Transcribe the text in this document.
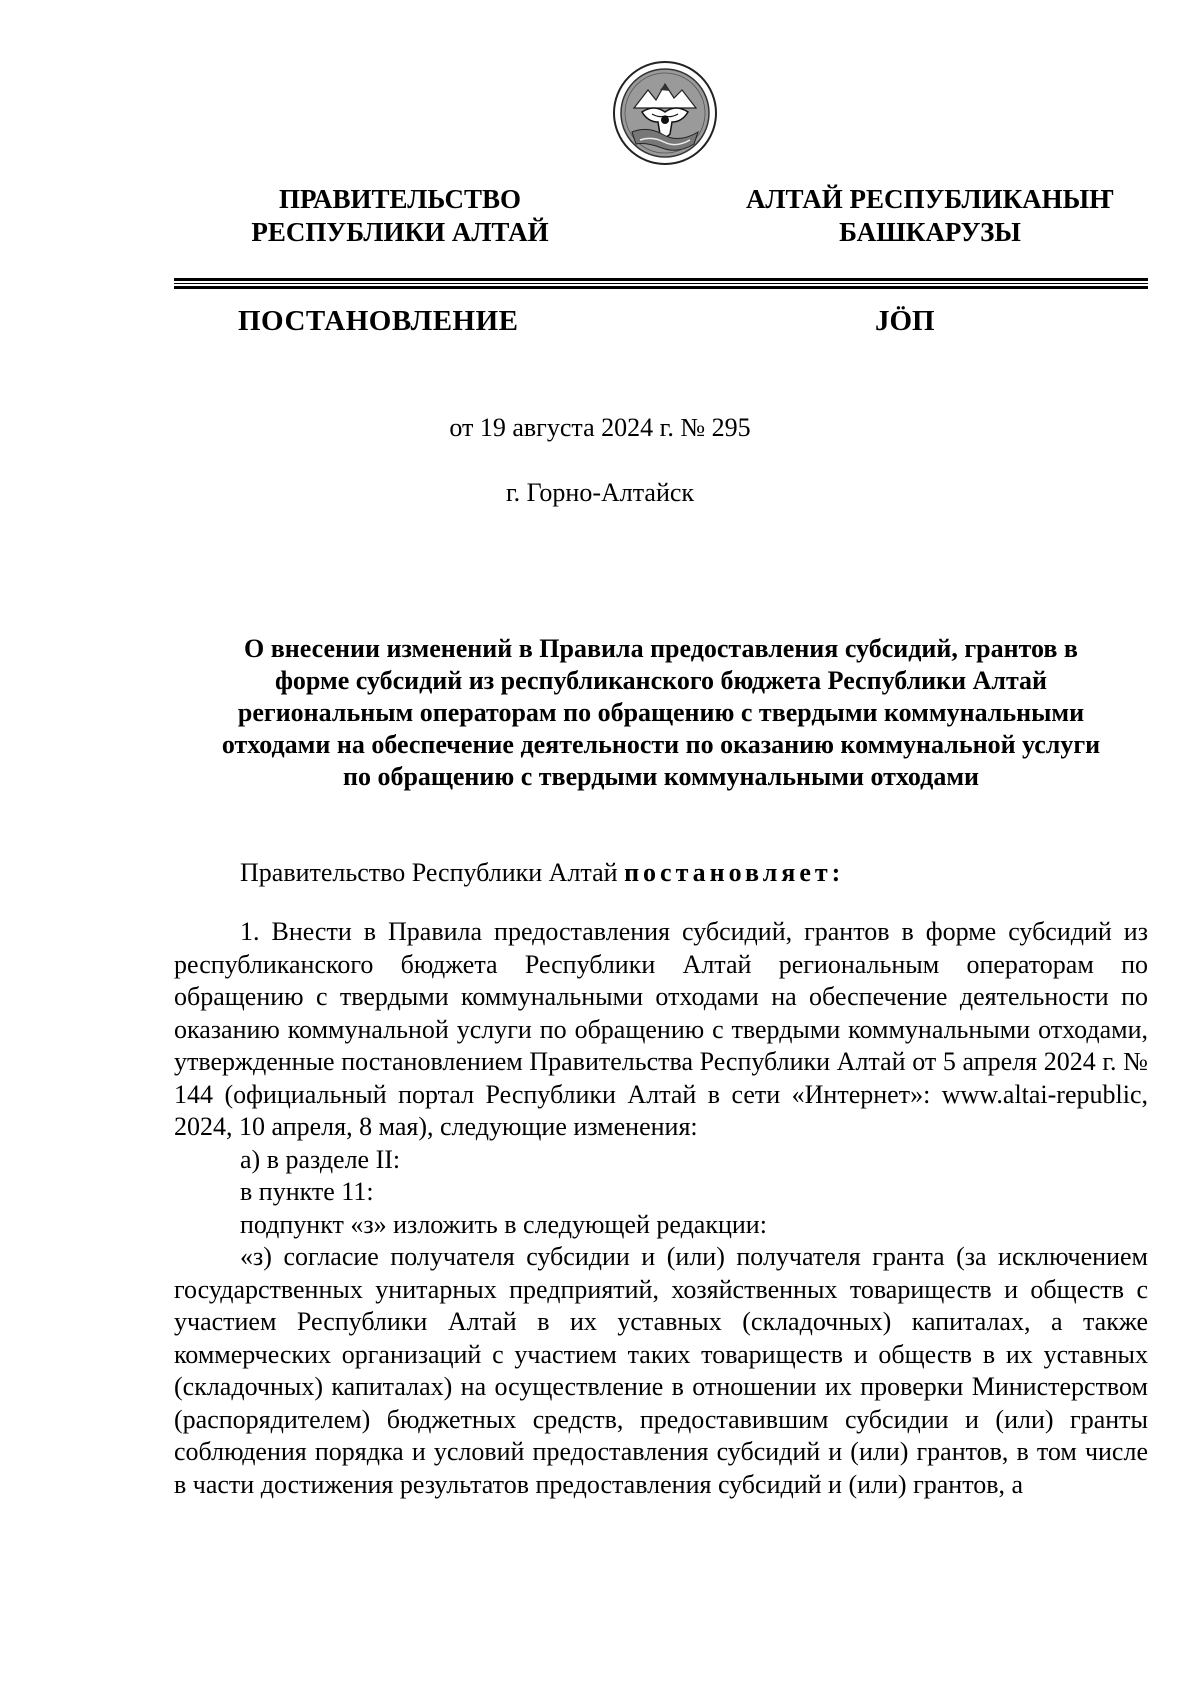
ПРАВИТЕЛЬСТВО
РЕСПУБЛИКИ АЛТАЙ
АЛТАЙ РЕСПУБЛИКАНЫҤ
БАШКАРУЗЫ
ПОСТАНОВЛЕНИЕ	JӦП
от 19 августа 2024 г. № 295
г. Горно-Алтайск
О внесении изменений в Правила предоставления субсидий, грантов в
форме субсидий из республиканского бюджета Республики Алтай
региональным операторам по обращению с твердыми коммунальными
отходами на обеспечение деятельности по оказанию коммунальной услуги
по обращению с твердыми коммунальными отходами
Правительство Республики Алтай постановляет:

1. Внести в Правила предоставления субсидий, грантов в форме субсидий из республиканского бюджета Республики Алтай региональным операторам по обращению с твердыми коммунальными отходами на обеспечение деятельности по оказанию коммунальной услуги по обращению с твердыми коммунальными отходами, утвержденные постановлением Правительства Республики Алтай от 5 апреля 2024 г. № 144 (официальный портал Республики Алтай в сети «Интернет»: www.altai-republic, 2024, 10 апреля, 8 мая), следующие изменения:

а) в разделе II:

в пункте 11:

подпункт «з» изложить в следующей редакции:

«з) согласие получателя субсидии и (или) получателя гранта (за исключением государственных унитарных предприятий, хозяйственных товариществ и обществ с участием Республики Алтай в их уставных (складочных) капиталах, а также коммерческих организаций с участием таких товариществ и обществ в их уставных (складочных) капиталах) на осуществление в отношении их проверки Министерством (распорядителем) бюджетных средств, предоставившим субсидии и (или) гранты соблюдения порядка и условий предоставления субсидий и (или) грантов, в том числе в части достижения результатов предоставления субсидий и (или) грантов, а
